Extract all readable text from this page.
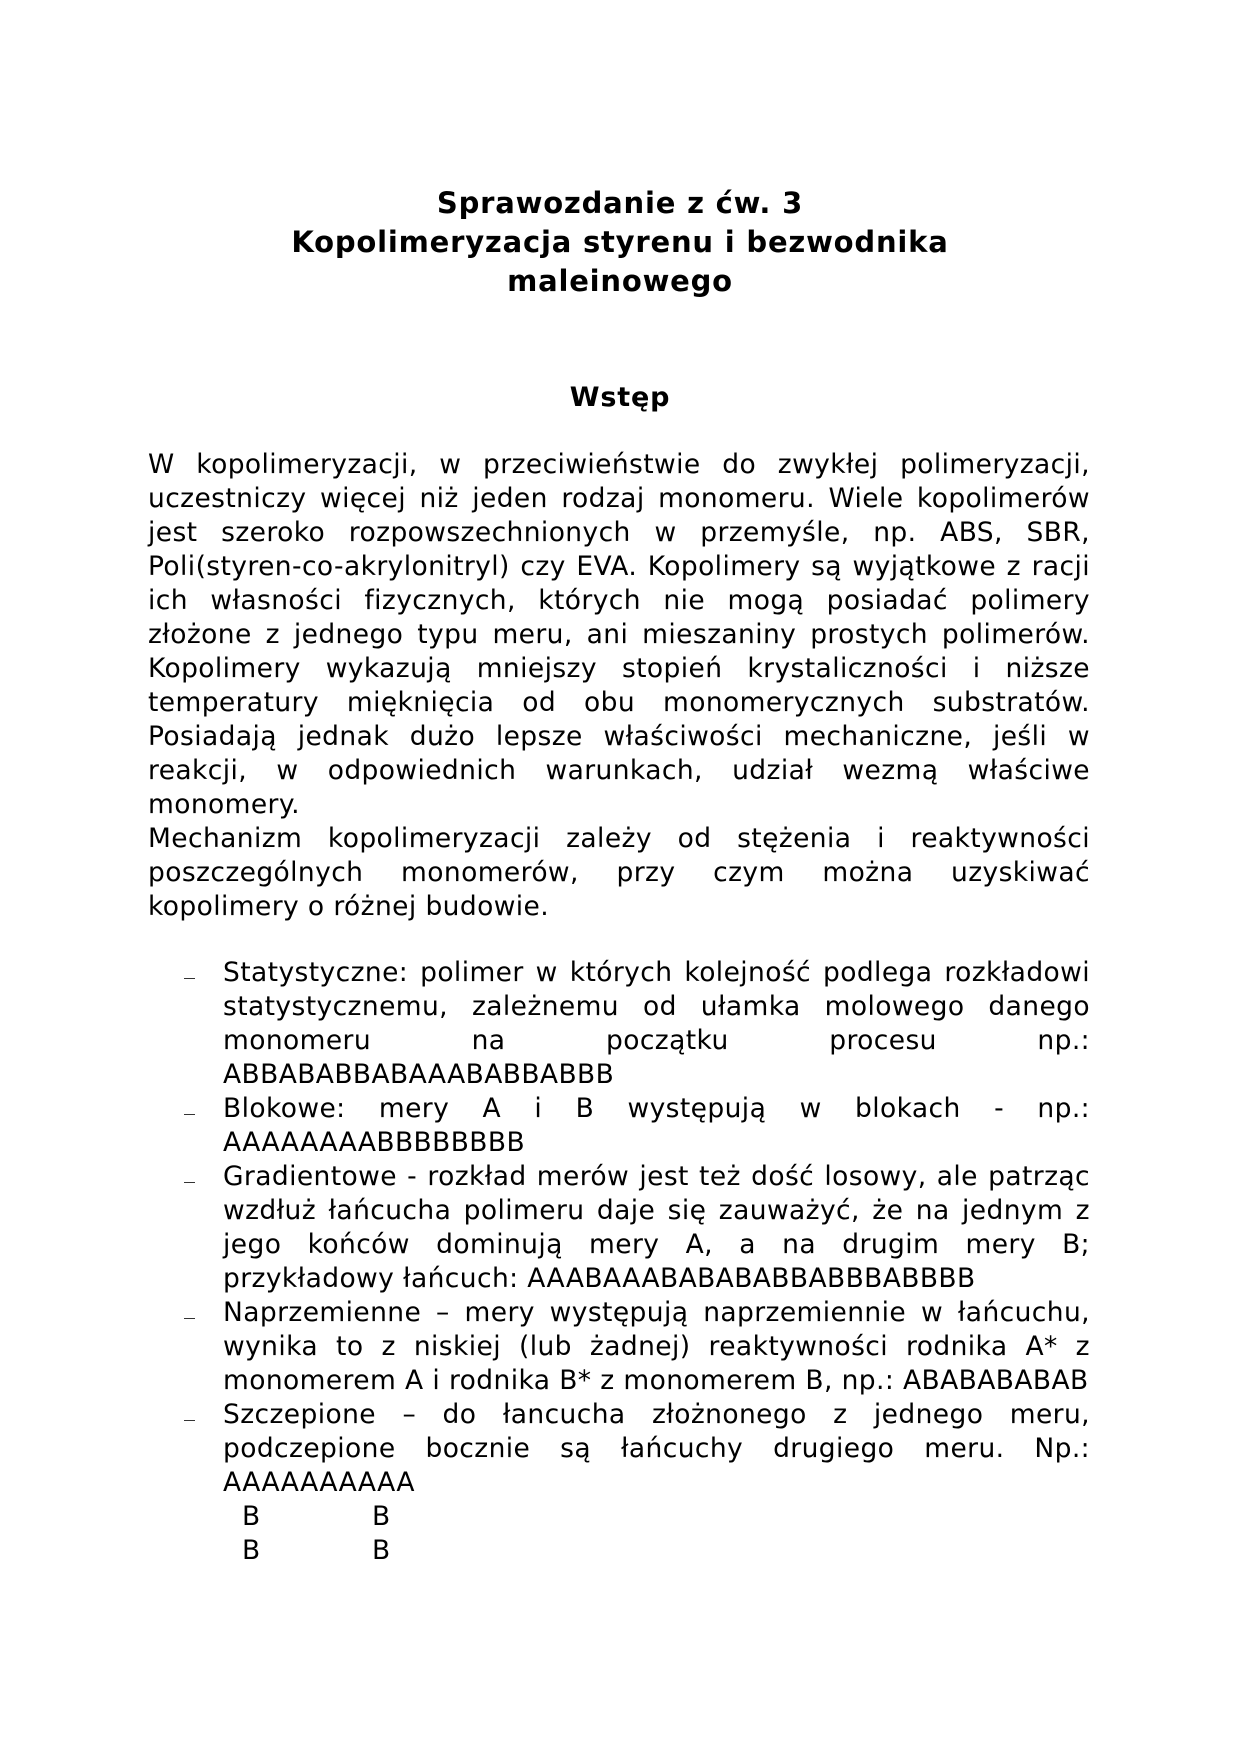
Sprawozdanie z ćw. 3
Kopolimeryzacja styrenu i bezwodnika
maleinowego
Wstęp

W kopolimeryzacji, w przeciwieństwie do zwykłej polimeryzacji, uczestniczy więcej niż jeden rodzaj monomeru. Wiele kopolimerów jest szeroko rozpowszechnionych w przemyśle, np. ABS, SBR, Poli(styren-co-akrylonitryl) czy EVA. Kopolimery są wyjątkowe z racji ich własności fizycznych, których nie mogą posiadać polimery złożone z jednego typu meru, ani mieszaniny prostych polimerów. Kopolimery wykazują mniejszy stopień krystaliczności i niższe temperatury mięknięcia od obu monomerycznych substratów. Posiadają jednak dużo lepsze właściwości mechaniczne, jeśli w reakcji, w odpowiednich warunkach, udział wezmą właściwe monomery.

Mechanizm kopolimeryzacji zależy od stężenia i reaktywności poszczególnych monomerów, przy czym można uzyskiwać kopolimery o różnej budowie.

Statystyczne: polimer w których kolejność podlega rozkładowi statystycznemu, zależnemu od ułamka molowego danego monomeru na początku procesu np.: ABBABABBABAAABABBABBB

Blokowe: mery A i B występują w blokach - np.: AAAAAAAABBBBBBBB

Gradientowe - rozkład merów jest też dość losowy, ale patrząc wzdłuż łańcucha polimeru daje się zauważyć, że na jednym z jego końców dominują mery A, a na drugim mery B; przykładowy łańcuch: AAABAAABABABABBABBBABBBB

Naprzemienne – mery występują naprzemiennie w łańcuchu, wynika to z niskiej (lub żadnej) reaktywności rodnika A* z monomerem A i rodnika B* z monomerem B, np.: ABABABABAB

Szczepione – do łancucha złożnonego z jednego meru, podczepione bocznie są łańcuchy drugiego meru. Np.: AAAAAAAAAA

B	B
B	B
